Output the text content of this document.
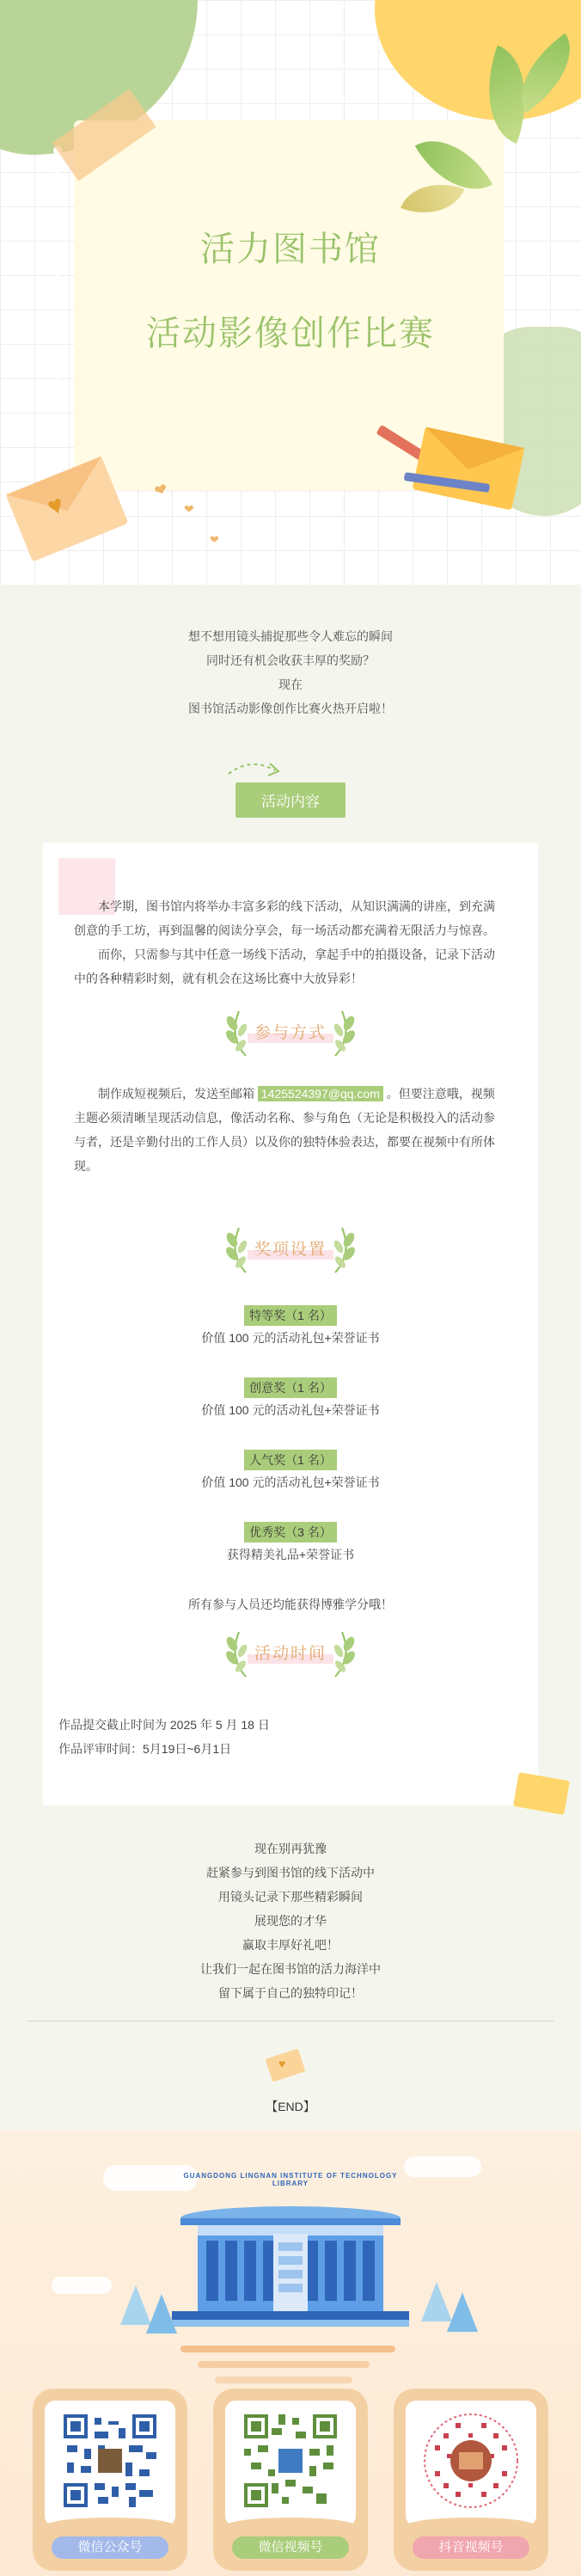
活力图书馆
活动影像创作比赛
♥	❤
❤
❤
想不想用镜头捕捉那些令人难忘的瞬间
同时还有机会收获丰厚的奖励？
现在
图书馆活动影像创作比赛火热开启啦！
活动内容
本学期，图书馆内将举办丰富多彩的线下活动，从知识满满的讲座，到充满
创意的手工坊，再到温馨的阅读分享会，每一场活动都充满着无限活力与惊喜。
而你，只需参与其中任意一场线下活动，拿起手中的拍摄设备，记录下活动
中的各种精彩时刻，就有机会在这场比赛中大放异彩！
参与方式
制作成短视频后，发送至邮箱 1425524397@qq.com 。但要注意哦，视频
主题必须清晰呈现活动信息，像活动名称、参与角色（无论是积极投入的活动参
与者，还是辛勤付出的工作人员）以及你的独特体验表达，都要在视频中有所体
现。
奖项设置
特等奖（1 名）
价值 100 元的活动礼包+荣誉证书
创意奖（1 名）
价值 100 元的活动礼包+荣誉证书
人气奖（1 名）
价值 100 元的活动礼包+荣誉证书
优秀奖（3 名）
获得精美礼品+荣誉证书
所有参与人员还均能获得博雅学分哦！
活动时间
作品提交截止时间为 2025 年 5 月 18 日
作品评审时间：5月19日~6月1日
现在别再犹豫
赶紧参与到图书馆的线下活动中
用镜头记录下那些精彩瞬间
展现您的才华
赢取丰厚好礼吧！
让我们一起在图书馆的活力海洋中
留下属于自己的独特印记！
♥
【END】
GUANGDONG LINGNAN INSTITUTE OF TECHNOLOGY LIBRARY
微信公众号	微信视频号	抖音视频号
